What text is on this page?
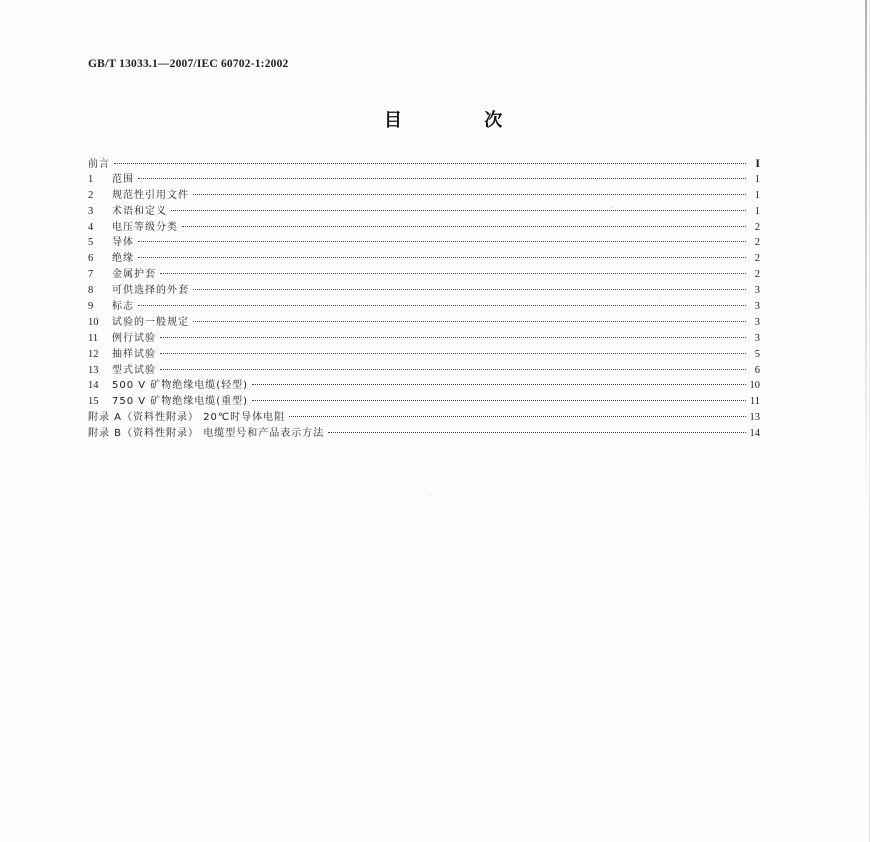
GB/T 13033.1—2007/IEC 60702-1:2002
目 次
前言	I
1	范围	1
2	规范性引用文件	1
3	术语和定义	1
4	电压等级分类	2
5	导体	2
6	绝缘	2
7	金属护套	2
8	可供选择的外套	3
9	标志	3
10	试验的一般规定	3
11	例行试验	3
12	抽样试验	5
13	型式试验	6
14	500 V 矿物绝缘电缆(轻型)	10
15	750 V 矿物绝缘电缆(重型)	11
附录 A（资料性附录） 20℃时导体电阻	13
附录 B（资料性附录） 电缆型号和产品表示方法	14
